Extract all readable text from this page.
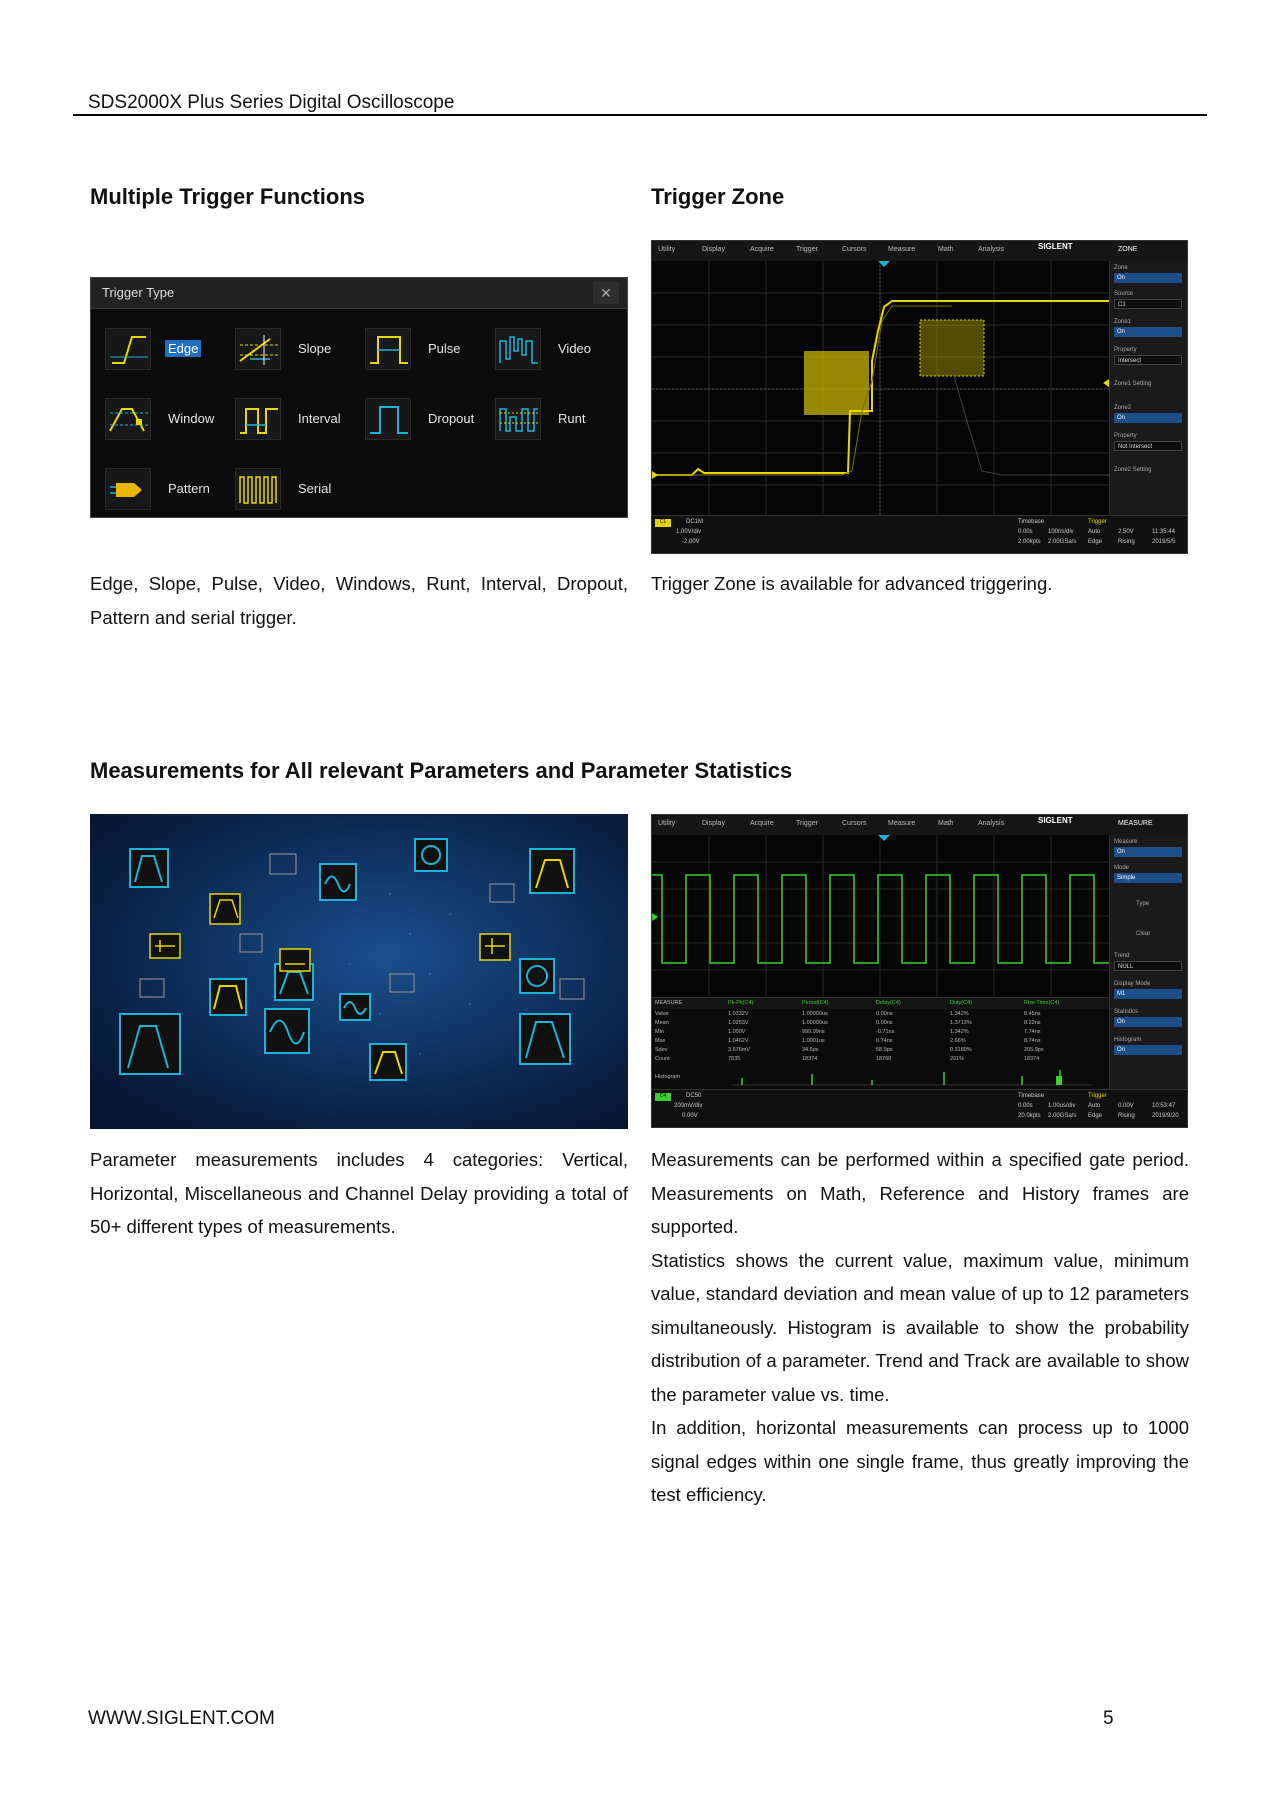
SDS2000X Plus Series Digital Oscilloscope
Multiple Trigger Functions	Trigger Zone
Trigger Type	✕
Edge	Slope	Pulse	Video
Window	Interval	Dropout	Runt
Pattern	Serial
Utility	Display	Acquire	Trigger	Cursors	Measure	Math	Analysis	SIGLENT	ZONE
Zone
On
Source
C1
Zone1
On
Property
Intersect
Zone1 Setting
Zone2
On
Property
Not Intersect
Zone2 Setting
C1	DC1M
1.00V/div
-2.00V
Timebase
0.00s	100ns/div
2.00kpts 2.00GSa/s
Trigger
Auto
Edge
2.50V
Rising
11:35:44
2019/5/5
Edge, Slope, Pulse, Video, Windows, Runt, Interval, Dropout, Pattern and serial trigger.
Trigger Zone is available for advanced triggering.
Measurements for All relevant Parameters and Parameter Statistics
Utility	Display	Acquire	Trigger	Cursors	Measure	Math	Analysis	SIGLENT	MEASURE
MEASURE	Pk-Pk(C4)	Period(C4)	Delay(C4)	Duty(C4)	Rise Time(C4)
Value	1.0332V	1.00000us	0.00ns	1.342%	8.45ns
Mean	1.0253V	1.00000us	0.00ns	1.3713%	8.22ns
Min	1.000V	999.99ns	-0.71ns	1.342%	7.74ns
Max	1.0462V	1.0001us	0.74ns	2.66%	8.74ns
Sdev	3.676mV	34.6ps	58.9ps	0.3189%	205.9ps
Count	7835	18374	18768	201%	18374
Histogram
Measure
On
Mode
Simple
Type
Clear
Trend
NULL
Display Mode
M1
Statistics
On
Histogram
On
C4	DC50
200mV/div
0.00V
Timebase
0.00s	1.00us/div
20.0kpts 2.00GSa/s
Trigger
Auto
Edge
0.00V
Rising
10:53:47
2019/9/20
Parameter measurements includes 4 categories: Vertical, Horizontal, Miscellaneous and Channel Delay providing a total of 50+ different types of measurements.

Measurements can be performed within a specified gate period. Measurements on Math, Reference and History frames are supported.

Statistics shows the current value, maximum value, minimum value, standard deviation and mean value of up to 12 parameters simultaneously. Histogram is available to show the probability distribution of a parameter. Trend and Track are available to show the parameter value vs. time.

In addition, horizontal measurements can process up to 1000 signal edges within one single frame, thus greatly improving the test efficiency.

WWW.SIGLENT.COM	5
